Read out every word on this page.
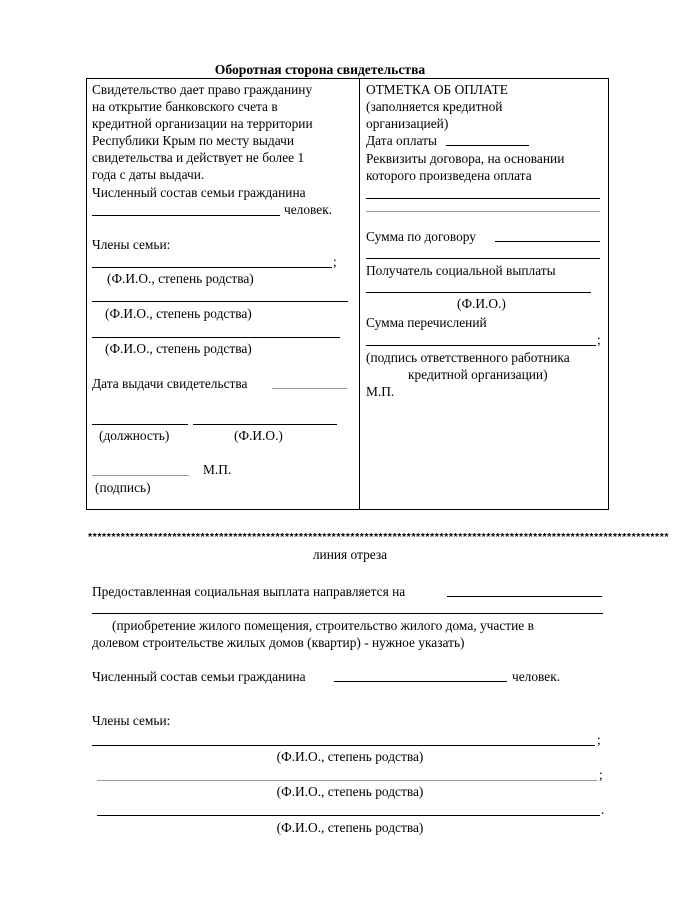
Оборотная сторона свидетельства

Свидетельство дает право гражданину

на открытие банковского счета в

кредитной организации на территории

Республики Крым по месту выдачи

свидетельства и действует не более 1

года с даты выдачи.

Численный состав семьи гражданина

человек.

Члены семьи:

;

(Ф.И.О., степень родства)

(Ф.И.О., степень родства)

(Ф.И.О., степень родства)

Дата выдачи свидетельства

(должность)	(Ф.И.О.)

М.П.

(подпись)

ОТМЕТКА ОБ ОПЛАТЕ

(заполняется кредитной

организацией)

Дата оплаты

Реквизиты договора, на основании

которого произведена оплата

Сумма по договору

Получатель социальной выплаты

(Ф.И.О.)

Сумма перечислений

;

(подпись ответственного работника

кредитной организации)

М.П.

****************************************************************************************************************************

линия отреза

Предоставленная социальная выплата направляется на

(приобретение жилого помещения, строительство жилого дома, участие в

долевом строительстве жилых домов (квартир) - нужное указать)

Численный состав семьи гражданина	человек.

Члены семьи:

;

(Ф.И.О., степень родства)

;

(Ф.И.О., степень родства)

.

(Ф.И.О., степень родства)
